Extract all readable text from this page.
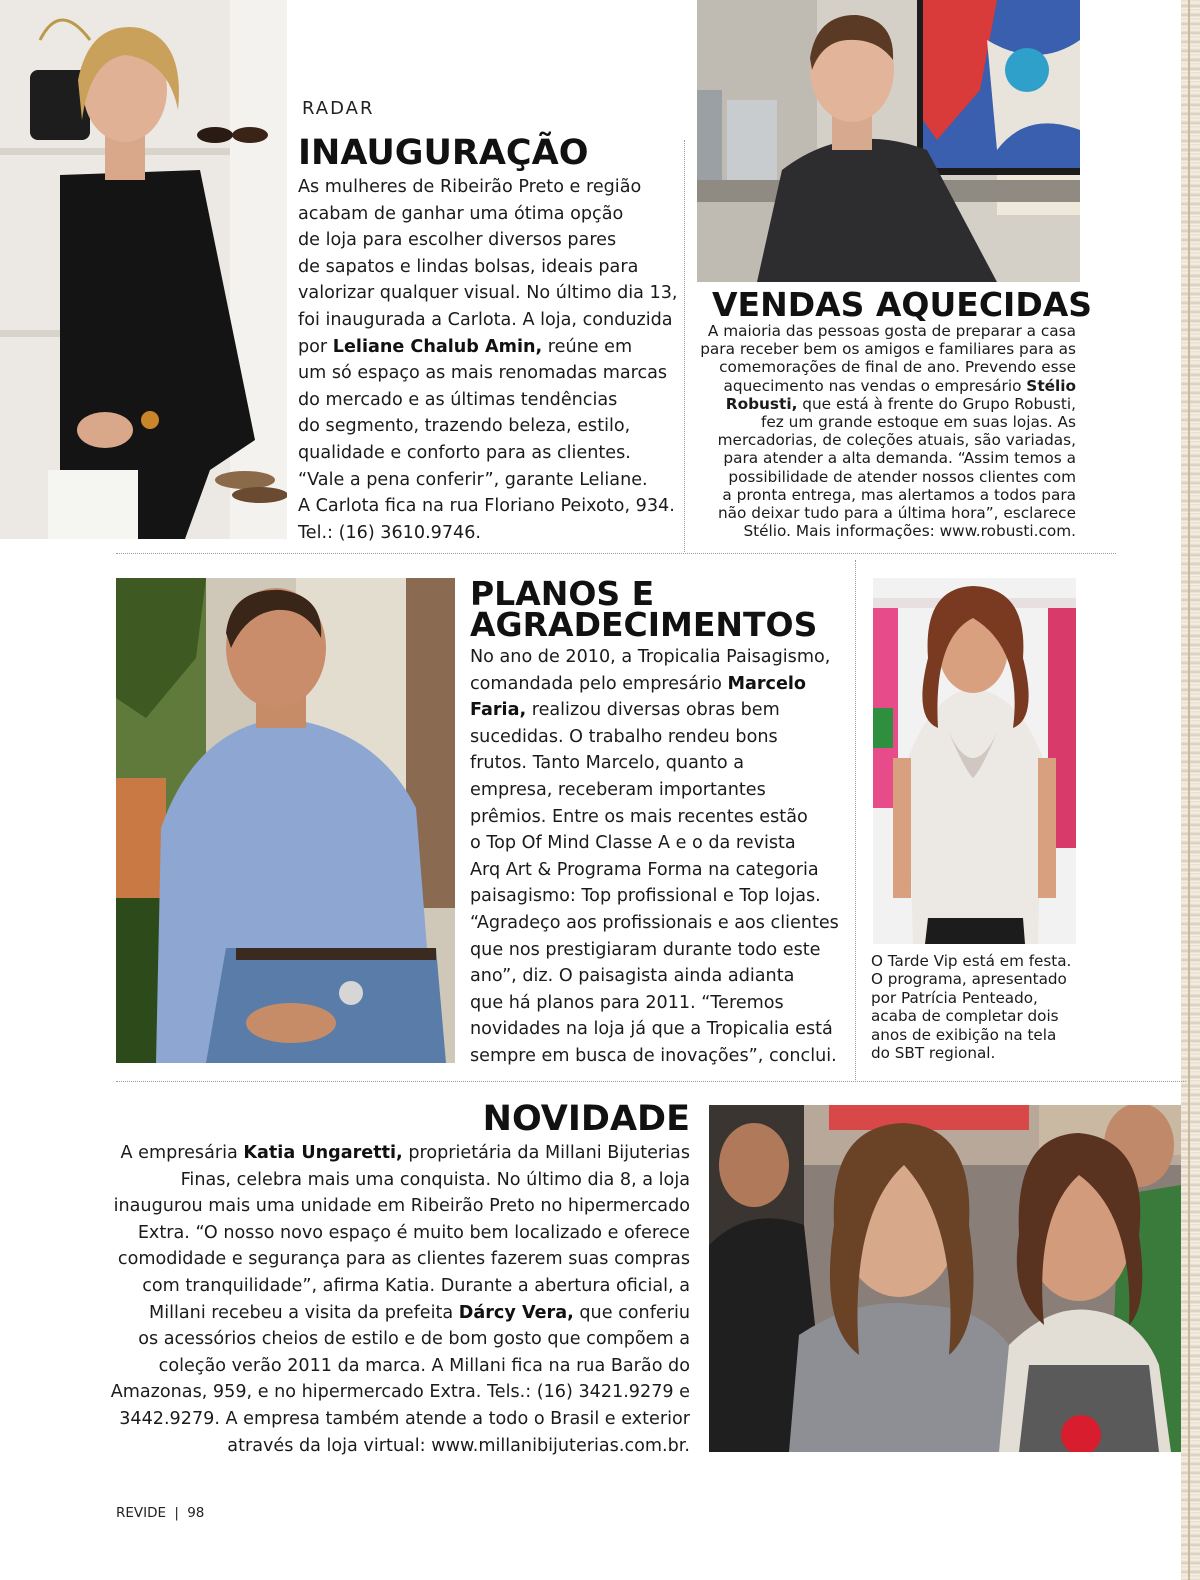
RADAR
INAUGURAÇÃO
As mulheres de Ribeirão Preto e região
acabam de ganhar uma ótima opção
de loja para escolher diversos pares
de sapatos e lindas bolsas, ideais para
valorizar qualquer visual. No último dia 13,
foi inaugurada a Carlota. A loja, conduzida
por Leliane Chalub Amin, reúne em
um só espaço as mais renomadas marcas
do mercado e as últimas tendências
do segmento, trazendo beleza, estilo,
qualidade e conforto para as clientes.
“Vale a pena conferir”, garante Leliane.
A Carlota fica na rua Floriano Peixoto, 934.
Tel.: (16) 3610.9746.
VENDAS AQUECIDAS
A maioria das pessoas gosta de preparar a casa
para receber bem os amigos e familiares para as
comemorações de final de ano. Prevendo esse
aquecimento nas vendas o empresário Stélio
Robusti, que está à frente do Grupo Robusti,
fez um grande estoque em suas lojas. As
mercadorias, de coleções atuais, são variadas,
para atender a alta demanda. “Assim temos a
possibilidade de atender nossos clientes com
a pronta entrega, mas alertamos a todos para
não deixar tudo para a última hora”, esclarece
Stélio. Mais informações: www.robusti.com.
PLANOS E
AGRADECIMENTOS
No ano de 2010, a Tropicalia Paisagismo,
comandada pelo empresário Marcelo
Faria, realizou diversas obras bem
sucedidas. O trabalho rendeu bons
frutos. Tanto Marcelo, quanto a
empresa, receberam importantes
prêmios. Entre os mais recentes estão
o Top Of Mind Classe A e o da revista
Arq Art & Programa Forma na categoria
paisagismo: Top profissional e Top lojas.
“Agradeço aos profissionais e aos clientes
que nos prestigiaram durante todo este
ano”, diz. O paisagista ainda adianta
que há planos para 2011. “Teremos
novidades na loja já que a Tropicalia está
sempre em busca de inovações”, conclui.
O Tarde Vip está em festa.
O programa, apresentado
por Patrícia Penteado,
acaba de completar dois
anos de exibição na tela
do SBT regional.
NOVIDADE
A empresária Katia Ungaretti, proprietária da Millani Bijuterias
Finas, celebra mais uma conquista. No último dia 8, a loja
inaugurou mais uma unidade em Ribeirão Preto no hipermercado
Extra. “O nosso novo espaço é muito bem localizado e oferece
comodidade e segurança para as clientes fazerem suas compras
com tranquilidade”, afirma Katia. Durante a abertura oficial, a
Millani recebeu a visita da prefeita Dárcy Vera, que conferiu
os acessórios cheios de estilo e de bom gosto que compõem a
coleção verão 2011 da marca. A Millani fica na rua Barão do
Amazonas, 959, e no hipermercado Extra. Tels.: (16) 3421.9279 e
3442.9279. A empresa também atende a todo o Brasil e exterior
através da loja virtual: www.millanibijuterias.com.br.
REVIDE | 98
